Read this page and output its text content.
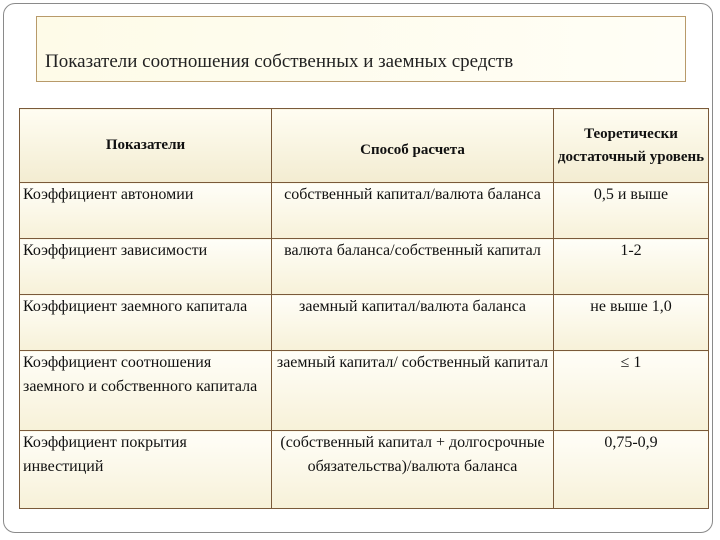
Показатели соотношения собственных и заемных средств
Показатели	Способ расчета	Теоретически достаточный уровень
Коэффициент автономии	собственный капитал/валюта баланса	0,5 и выше
Коэффициент зависимости	валюта баланса/собственный капитал	1-2
Коэффициент заемного капитала	заемный капитал/валюта баланса	не выше 1,0
Коэффициент соотношения заемного и собственного капитала	заемный капитал/ собственный капитал	≤ 1
Коэффициент покрытия инвестиций	(собственный капитал + долгосрочные обязательства)/валюта баланса	0,75-0,9
